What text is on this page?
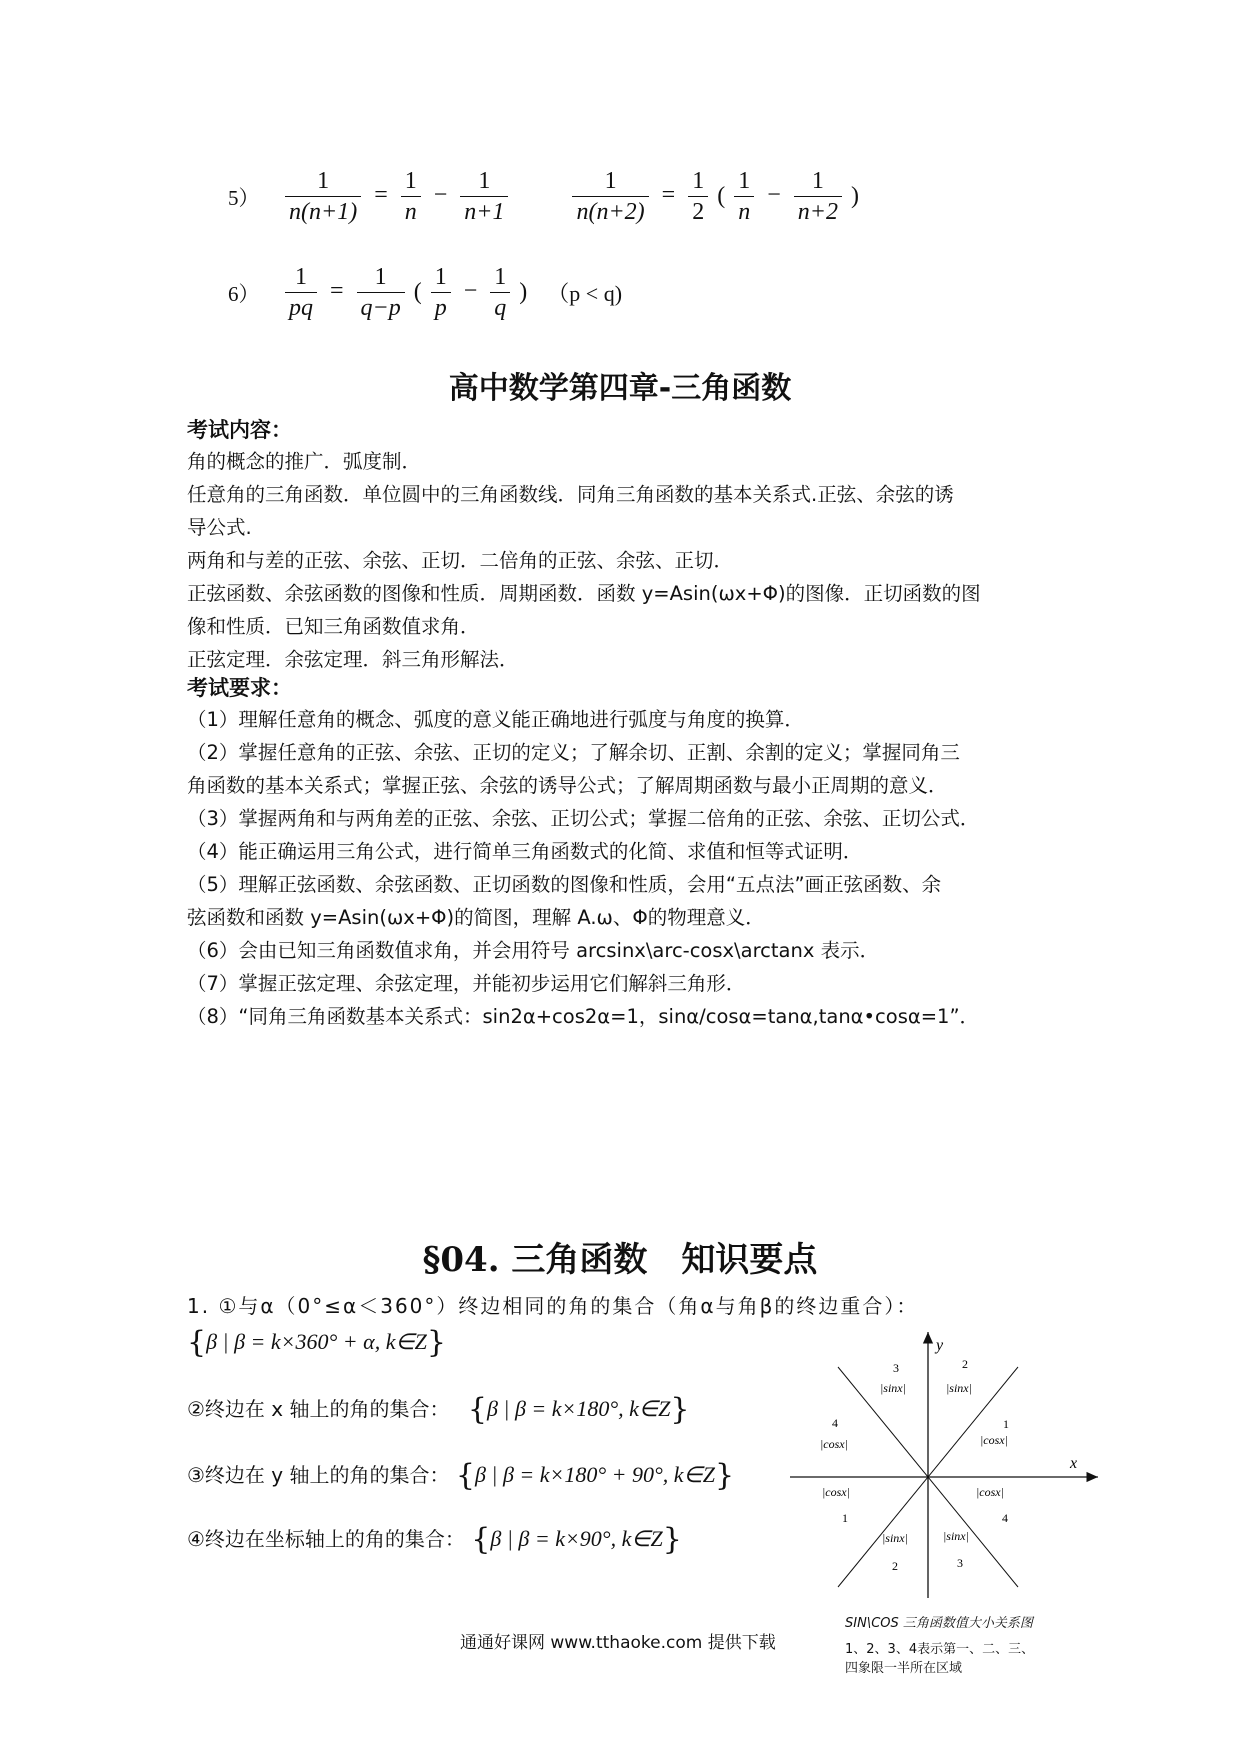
$5) \frac{1}{n(n+1)} = \frac{1}{n} - \frac{1}{n+1}$
	$\frac{1}{n(n+2)} = \frac{1}{2}$ ( $\frac{1}{n} - \frac{1}{n+2}$ )
$6) \frac{1}{pq} = \frac{1}{q-p}$ ( $\frac{1}{p} - \frac{1}{q}$ ) （p < q)
高中数学第四章-三角函数
考试内容：
角的概念的推广．弧度制．
任意角的三角函数．单位圆中的三角函数线．同角三角函数的基本关系式.正弦、余弦的诱
导公式.
两角和与差的正弦、余弦、正切．二倍角的正弦、余弦、正切．
正弦函数、余弦函数的图像和性质．周期函数．函数 y=Asin(ωx+Φ)的图像．正切函数的图
像和性质．已知三角函数值求角．
正弦定理．余弦定理．斜三角形解法．
考试要求：
（1）理解任意角的概念、弧度的意义能正确地进行弧度与角度的换算．
（2）掌握任意角的正弦、余弦、正切的定义；了解余切、正割、余割的定义；掌握同角三
角函数的基本关系式；掌握正弦、余弦的诱导公式；了解周期函数与最小正周期的意义．
（3）掌握两角和与两角差的正弦、余弦、正切公式；掌握二倍角的正弦、余弦、正切公式．
（4）能正确运用三角公式，进行简单三角函数式的化简、求值和恒等式证明．
（5）理解正弦函数、余弦函数、正切函数的图像和性质，会用“五点法”画正弦函数、余
弦函数和函数 y=Asin(ωx+Φ)的简图，理解 A.ω、Φ的物理意义．
（6）会由已知三角函数值求角，并会用符号 arcsinx\arc-cosx\arctanx 表示．
（7）掌握正弦定理、余弦定理，并能初步运用它们解斜三角形．
（8）“同角三角函数基本关系式：sin2α+cos2α=1，sinα/cosα=tanα,tanα•cosα=1”．
§04. 三角函数　知识要点
1. ①与α（0°≤α＜360°）终边相同的角的集合（角α与角β的终边重合）：
{β | β = k×360° + α, k∈Z}
②终边在 x 轴上的角的集合： {β | β = k×180°, k∈Z}
③终边在 y 轴上的角的集合： {β | β = k×180° + 90°, k∈Z}
④终边在坐标轴上的角的集合： {β | β = k×90°, k∈Z}
x
y
3
|sinx|
2
|sinx|
4
|cosx|
1
|cosx|
|cosx|	|cosx|
1
|sinx|
4
|sinx|
2	3
SIN\COS 三角函数值大小关系图
1、2、3、4表示第一、二、三、
四象限一半所在区域
通通好课网 www.tthaoke.com 提供下载
